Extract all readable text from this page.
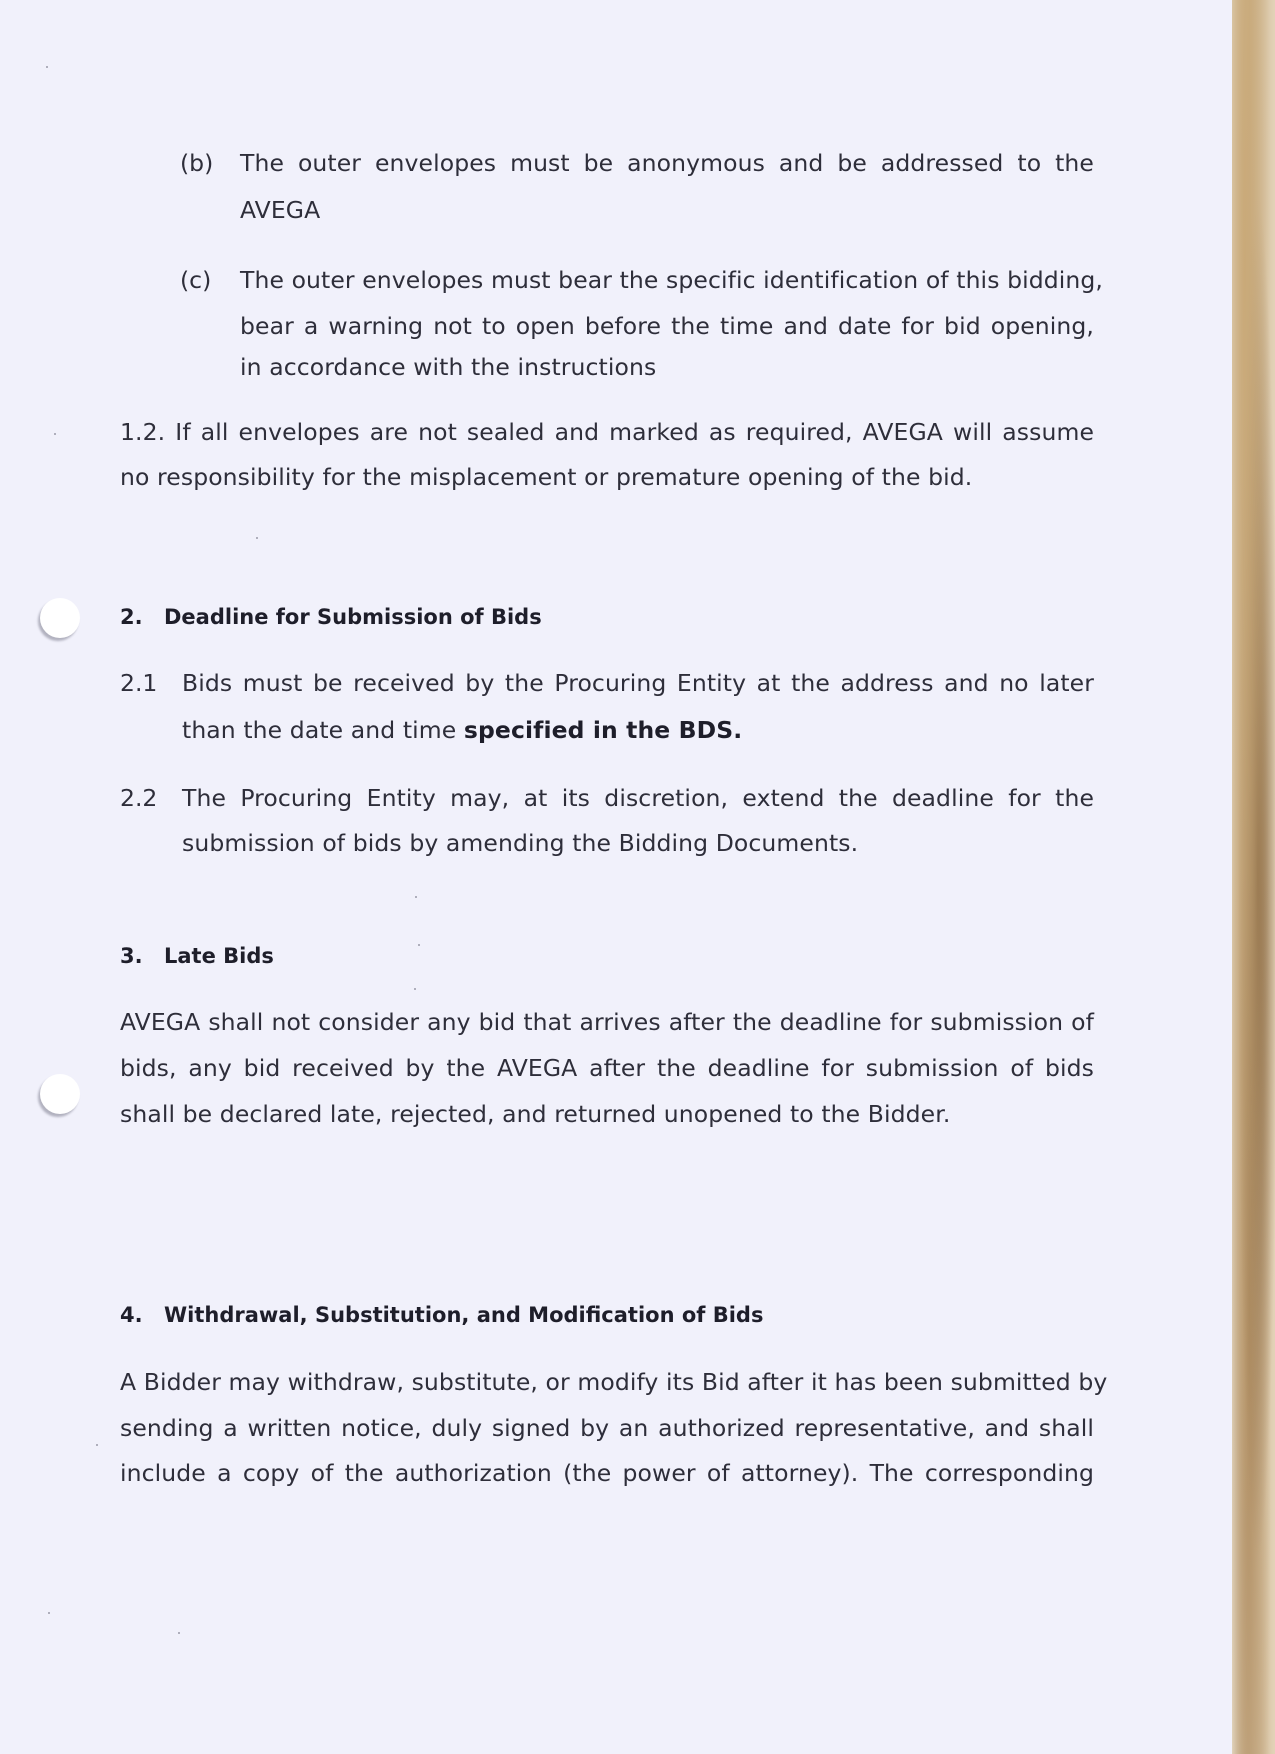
(b) The outer envelopes must be anonymous and be addressed to the
AVEGA
(c) The outer envelopes must bear the specific identification of this bidding,
bear a warning not to open before the time and date for bid opening,
in accordance with the instructions
1.2. If all envelopes are not sealed and marked as required, AVEGA will assume
no responsibility for the misplacement or premature opening of the bid.
2. Deadline for Submission of Bids
2.1 Bids must be received by the Procuring Entity at the address and no later
than the date and time specified in the BDS.
2.2 The Procuring Entity may, at its discretion, extend the deadline for the
submission of bids by amending the Bidding Documents.
3. Late Bids
AVEGA shall not consider any bid that arrives after the deadline for submission of
bids, any bid received by the AVEGA after the deadline for submission of bids
shall be declared late, rejected, and returned unopened to the Bidder.
4. Withdrawal, Substitution, and Modification of Bids
A Bidder may withdraw, substitute, or modify its Bid after it has been submitted by
sending a written notice, duly signed by an authorized representative, and shall
include a copy of the authorization (the power of attorney). The corresponding
